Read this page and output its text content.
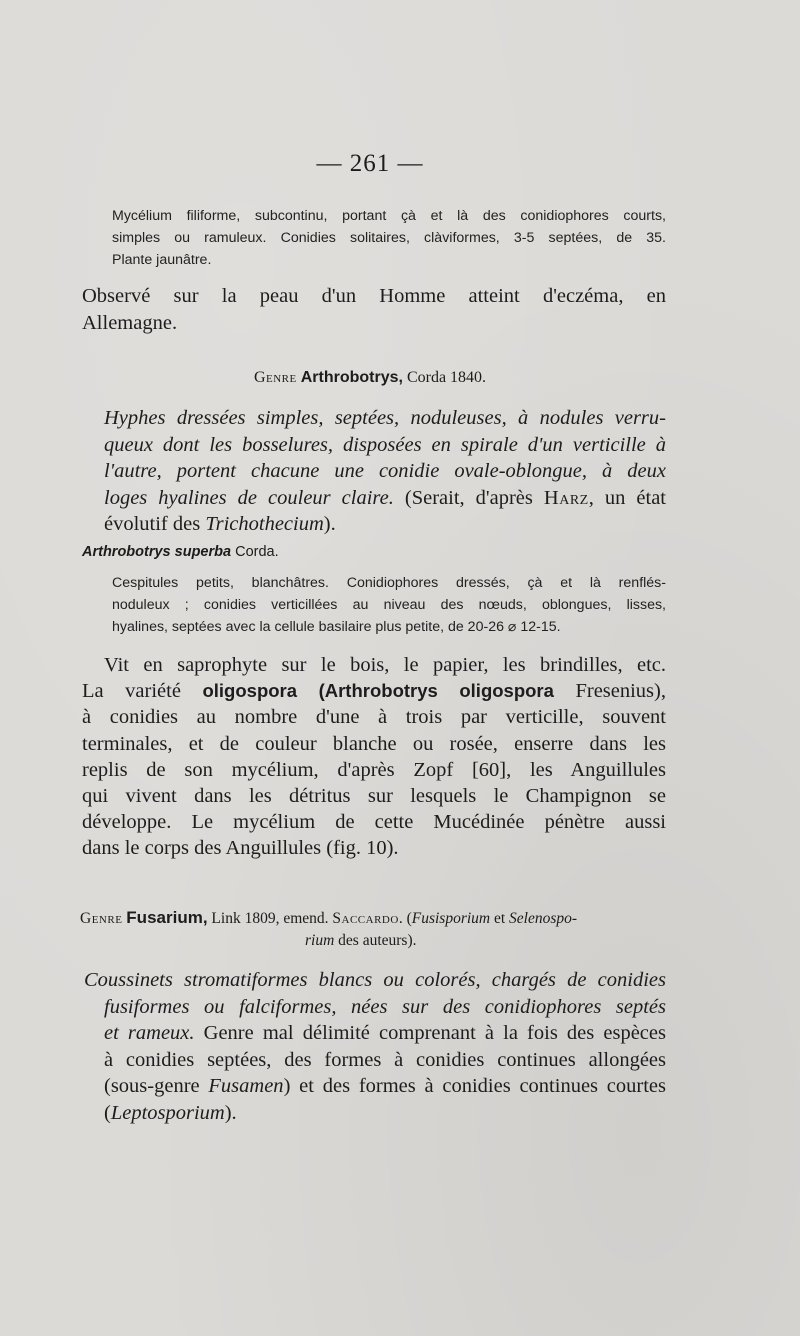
— 261 —
Mycélium filiforme, subcontinu, portant çà et là des conidiophores courts,
simples ou ramuleux. Conidies solitaires, clàviformes, 3-5 septées, de 35.
Plante jaunâtre.
Observé sur la peau d'un Homme atteint d'eczéma, en
Allemagne.
Genre Arthrobotrys, Corda 1840.
Hyphes dressées simples, septées, noduleuses, à nodules verru-
queux dont les bosselures, disposées en spirale d'un verticille à
l'autre, portent chacune une conidie ovale-oblongue, à deux
loges hyalines de couleur claire. (Serait, d'après Harz, un état
évolutif des Trichothecium).
Arthrobotrys superba Corda.
Cespitules petits, blanchâtres. Conidiophores dressés, çà et là renflés-
noduleux ; conidies verticillées au niveau des nœuds, oblongues, lisses,
hyalines, septées avec la cellule basilaire plus petite, de 20-26 ⌀ 12-15.
Vit en saprophyte sur le bois, le papier, les brindilles, etc.
La variété oligospora (Arthrobotrys oligospora Fresenius),
à conidies au nombre d'une à trois par verticille, souvent
terminales, et de couleur blanche ou rosée, enserre dans les
replis de son mycélium, d'après Zopf [60], les Anguillules
qui vivent dans les détritus sur lesquels le Champignon se
développe. Le mycélium de cette Mucédinée pénètre aussi
dans le corps des Anguillules (fig. 10).
Genre Fusarium, Link 1809, emend. Saccardo. (Fusisporium et Selenospo-
rium des auteurs).
Coussinets stromatiformes blancs ou colorés, chargés de conidies
fusiformes ou falciformes, nées sur des conidiophores septés
et rameux. Genre mal délimité comprenant à la fois des espèces
à conidies septées, des formes à conidies continues allongées
(sous-genre Fusamen) et des formes à conidies continues courtes
(Leptosporium).
